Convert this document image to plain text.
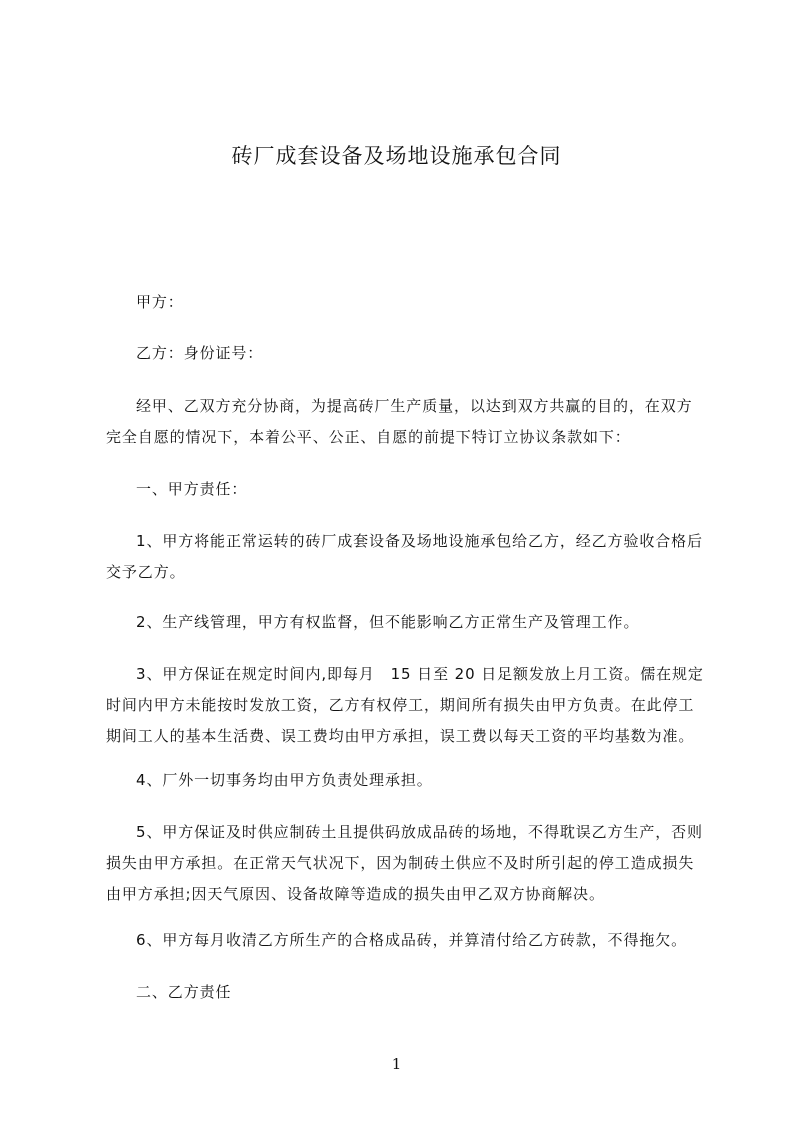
砖厂成套设备及场地设施承包合同

甲方：

乙方：身份证号：

经甲、乙双方充分协商，为提高砖厂生产质量，以达到双方共赢的目的，在双方完全自愿的情况下，本着公平、公正、自愿的前提下特订立协议条款如下：

一、甲方责任：

1、甲方将能正常运转的砖厂成套设备及场地设施承包给乙方，经乙方验收合格后交予乙方。

2、生产线管理，甲方有权监督，但不能影响乙方正常生产及管理工作。

3、甲方保证在规定时间内,即每月　15 日至 20 日足额发放上月工资。儒在规定时间内甲方未能按时发放工资，乙方有权停工，期间所有损失由甲方负责。在此停工期间工人的基本生活费、误工费均由甲方承担，误工费以每天工资的平均基数为准。

4、厂外一切事务均由甲方负责处理承担。

5、甲方保证及时供应制砖土且提供码放成品砖的场地，不得耽误乙方生产，否则损失由甲方承担。在正常天气状况下，因为制砖土供应不及时所引起的停工造成损失由甲方承担;因天气原因、设备故障等造成的损失由甲乙双方协商解决。

6、甲方每月收清乙方所生产的合格成品砖，并算清付给乙方砖款，不得拖欠。

二、乙方责任

1
